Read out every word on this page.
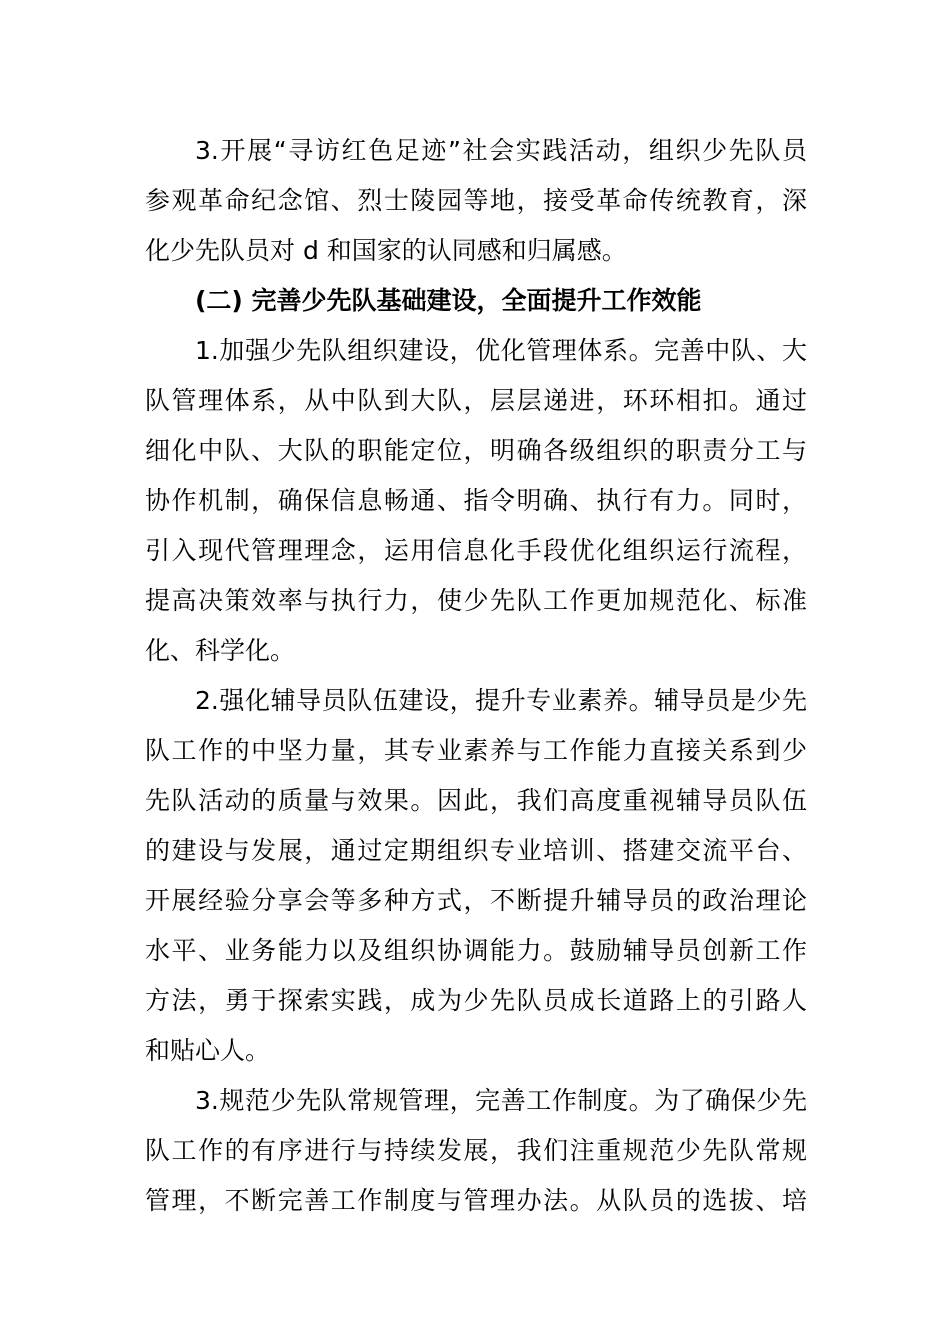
3.开展“寻访红色足迹”社会实践活动，组织少先队员
参观革命纪念馆、烈士陵园等地，接受革命传统教育，深
化少先队员对 d 和国家的认同感和归属感。
(二) 完善少先队基础建设，全面提升工作效能
1.加强少先队组织建设，优化管理体系。完善中队、大
队管理体系，从中队到大队，层层递进，环环相扣。通过
细化中队、大队的职能定位，明确各级组织的职责分工与
协作机制，确保信息畅通、指令明确、执行有力。同时，
引入现代管理理念，运用信息化手段优化组织运行流程，
提高决策效率与执行力，使少先队工作更加规范化、标准
化、科学化。
2.强化辅导员队伍建设，提升专业素养。辅导员是少先
队工作的中坚力量，其专业素养与工作能力直接关系到少
先队活动的质量与效果。因此，我们高度重视辅导员队伍
的建设与发展，通过定期组织专业培训、搭建交流平台、
开展经验分享会等多种方式，不断提升辅导员的政治理论
水平、业务能力以及组织协调能力。鼓励辅导员创新工作
方法，勇于探索实践，成为少先队员成长道路上的引路人
和贴心人。
3.规范少先队常规管理，完善工作制度。为了确保少先
队工作的有序进行与持续发展，我们注重规范少先队常规
管理，不断完善工作制度与管理办法。从队员的选拔、培
